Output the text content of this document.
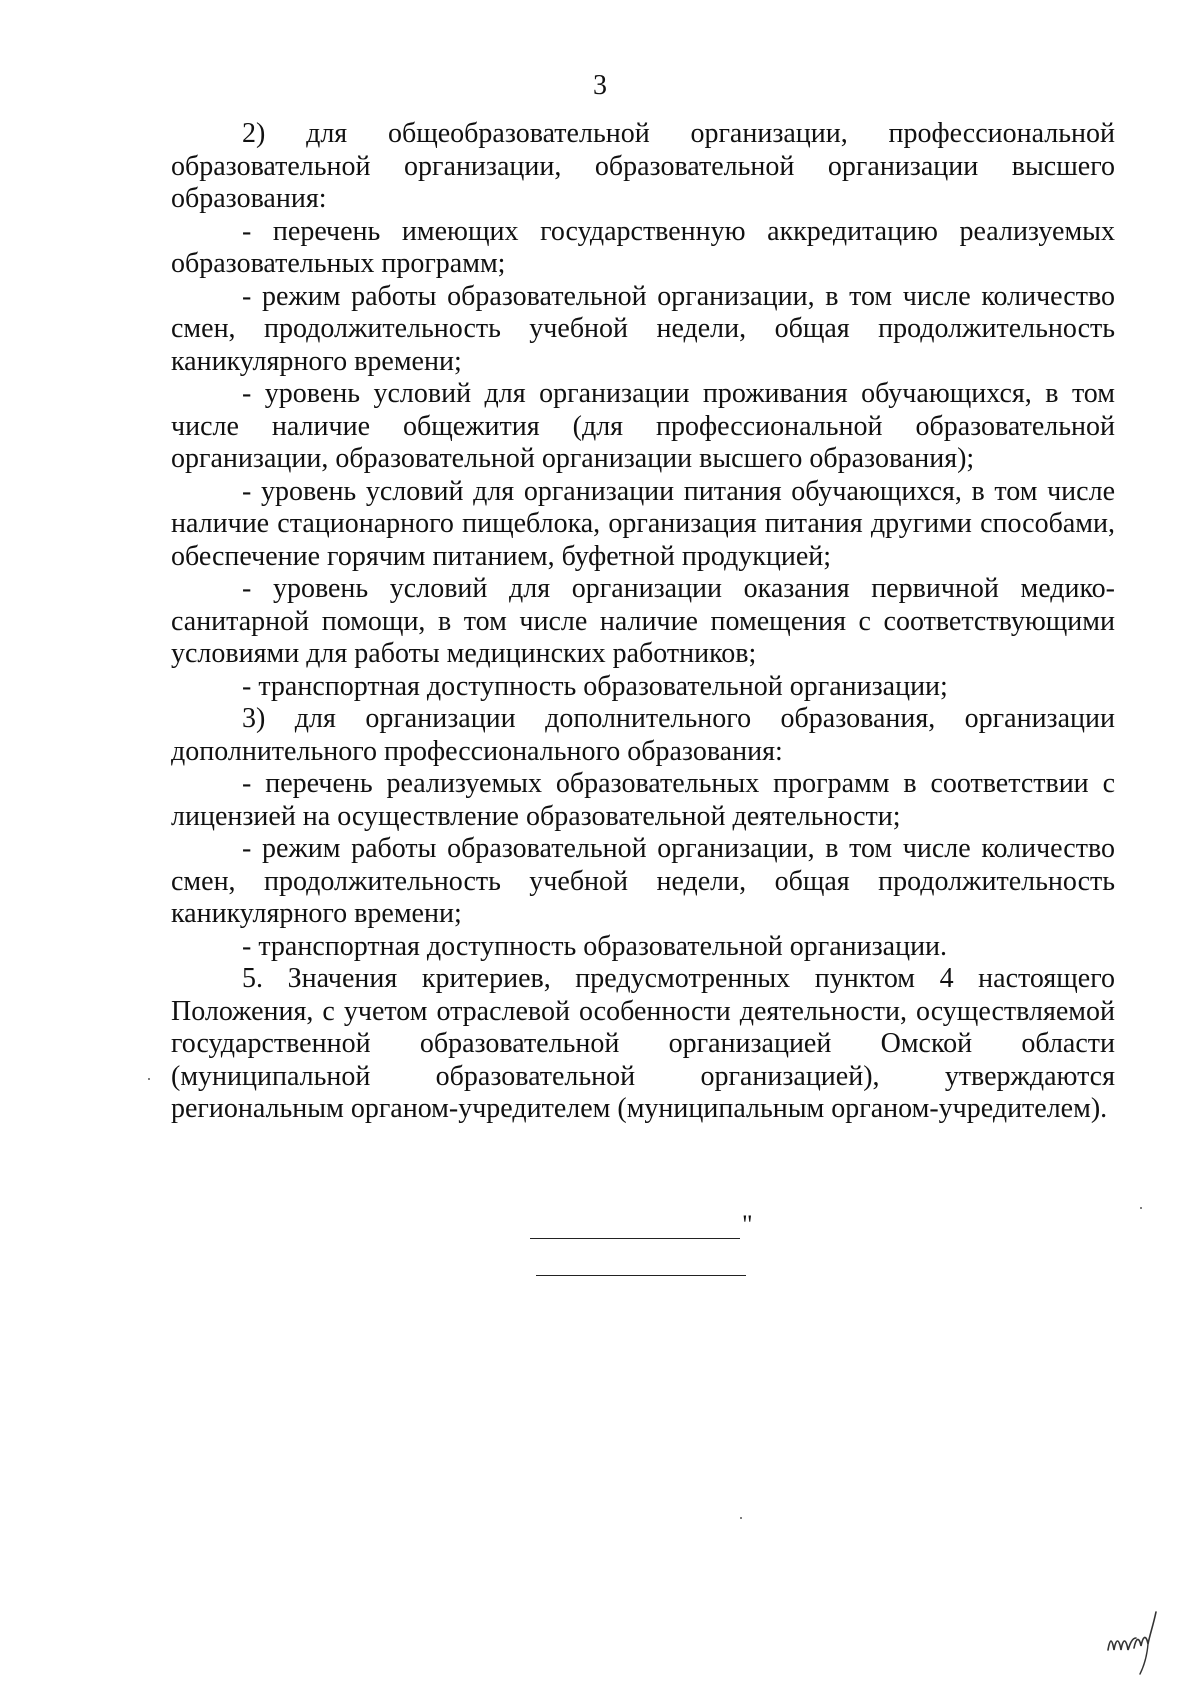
3

2) для общеобразовательной организации, профессиональной образовательной организации, образовательной организации высшего образования:

- перечень имеющих государственную аккредитацию реализуемых образовательных программ;

- режим работы образовательной организации, в том числе количество смен, продолжительность учебной недели, общая продолжительность каникулярного времени;

- уровень условий для организации проживания обучающихся, в том числе наличие общежития (для профессиональной образовательной организации, образовательной организации высшего образования);

- уровень условий для организации питания обучающихся, в том числе наличие стационарного пищеблока, организация питания другими способами, обеспечение горячим питанием, буфетной продукцией;

- уровень условий для организации оказания первичной медико-санитарной помощи, в том числе наличие помещения с соответствующими условиями для работы медицинских работников;

- транспортная доступность образовательной организации;

3) для организации дополнительного образования, организации дополнительного профессионального образования:

- перечень реализуемых образовательных программ в соответствии с лицензией на осуществление образовательной деятельности;

- режим работы образовательной организации, в том числе количество смен, продолжительность учебной недели, общая продолжительность каникулярного времени;

- транспортная доступность образовательной организации.

5. Значения критериев, предусмотренных пунктом 4 настоящего Положения, с учетом отраслевой особенности деятельности, осуществляемой государственной образовательной организацией Омской области (муниципальной образовательной организацией), утверждаются региональным органом-учредителем (муниципальным органом-учредителем).

"
